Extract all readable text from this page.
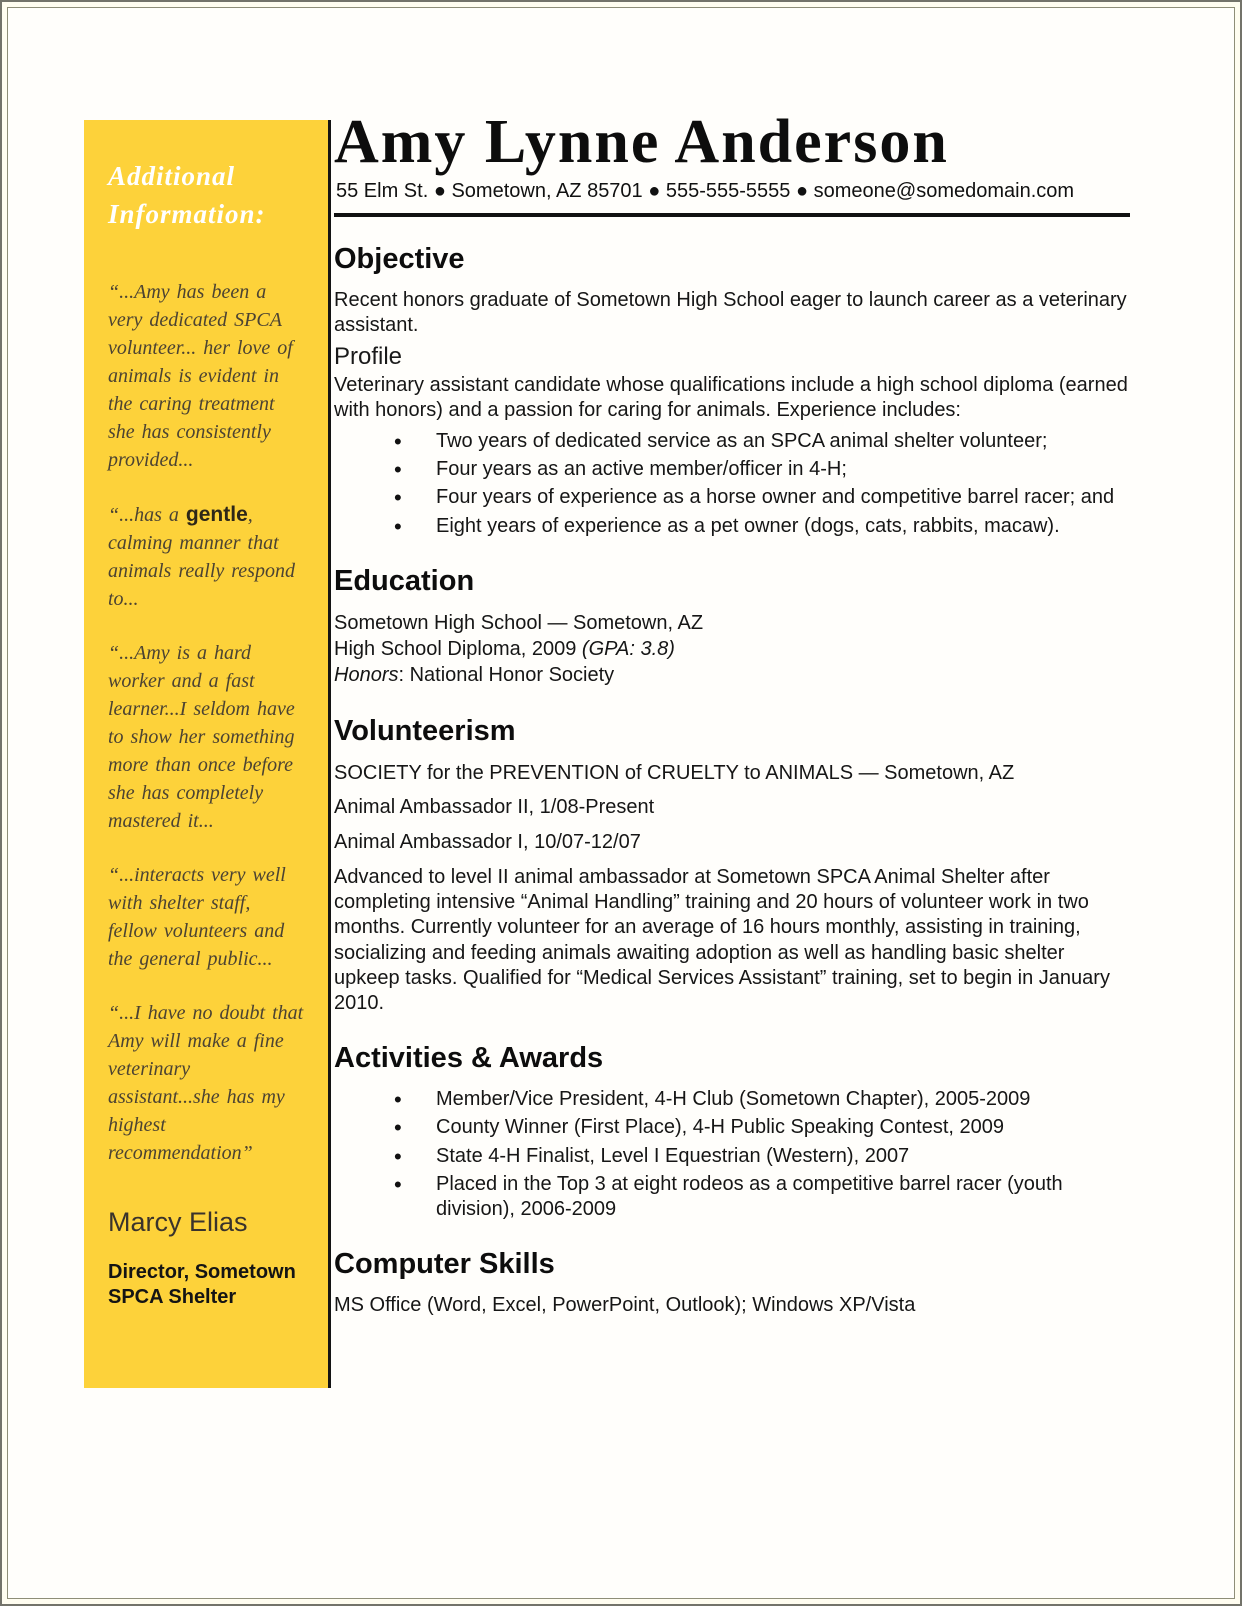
Additional Information:

“...Amy has been a very dedicated SPCA volunteer... her love of animals is evident in the caring treatment she has consistently provided...

“...has a gentle, calming manner that animals really respond to...

“...Amy is a hard worker and a fast learner...I seldom have to show her something more than once before she has completely mastered it...

“...interacts very well with shelter staff, fellow volunteers and the general public...

“...I have no doubt that Amy will make a fine veterinary assistant...she has my highest recommendation”

Marcy Elias

Director, Sometown SPCA Shelter

Amy Lynne Anderson
55 Elm St. ● Sometown, AZ 85701 ● 555-555-5555 ● someone@somedomain.com
Objective

Recent honors graduate of Sometown High School eager to launch career as a veterinary assistant.

Profile

Veterinary assistant candidate whose qualifications include a high school diploma (earned with honors) and a passion for caring for animals. Experience includes:

• Two years of dedicated service as an SPCA animal shelter volunteer;
• Four years as an active member/officer in 4-H;
• Four years of experience as a horse owner and competitive barrel racer; and
• Eight years of experience as a pet owner (dogs, cats, rabbits, macaw).
Education

Sometown High School — Sometown, AZ

High School Diploma, 2009 (GPA: 3.8)

Honors: National Honor Society

Volunteerism

SOCIETY for the PREVENTION of CRUELTY to ANIMALS — Sometown, AZ

Animal Ambassador II, 1/08-Present

Animal Ambassador I, 10/07-12/07

Advanced to level II animal ambassador at Sometown SPCA Animal Shelter after completing intensive “Animal Handling” training and 20 hours of volunteer work in two months. Currently volunteer for an average of 16 hours monthly, assisting in training, socializing and feeding animals awaiting adoption as well as handling basic shelter upkeep tasks. Qualified for “Medical Services Assistant” training, set to begin in January 2010.

Activities & Awards
• Member/Vice President, 4-H Club (Sometown Chapter), 2005-2009
• County Winner (First Place), 4-H Public Speaking Contest, 2009
• State 4-H Finalist, Level I Equestrian (Western), 2007
• Placed in the Top 3 at eight rodeos as a competitive barrel racer (youth division), 2006-2009
Computer Skills

MS Office (Word, Excel, PowerPoint, Outlook); Windows XP/Vista
